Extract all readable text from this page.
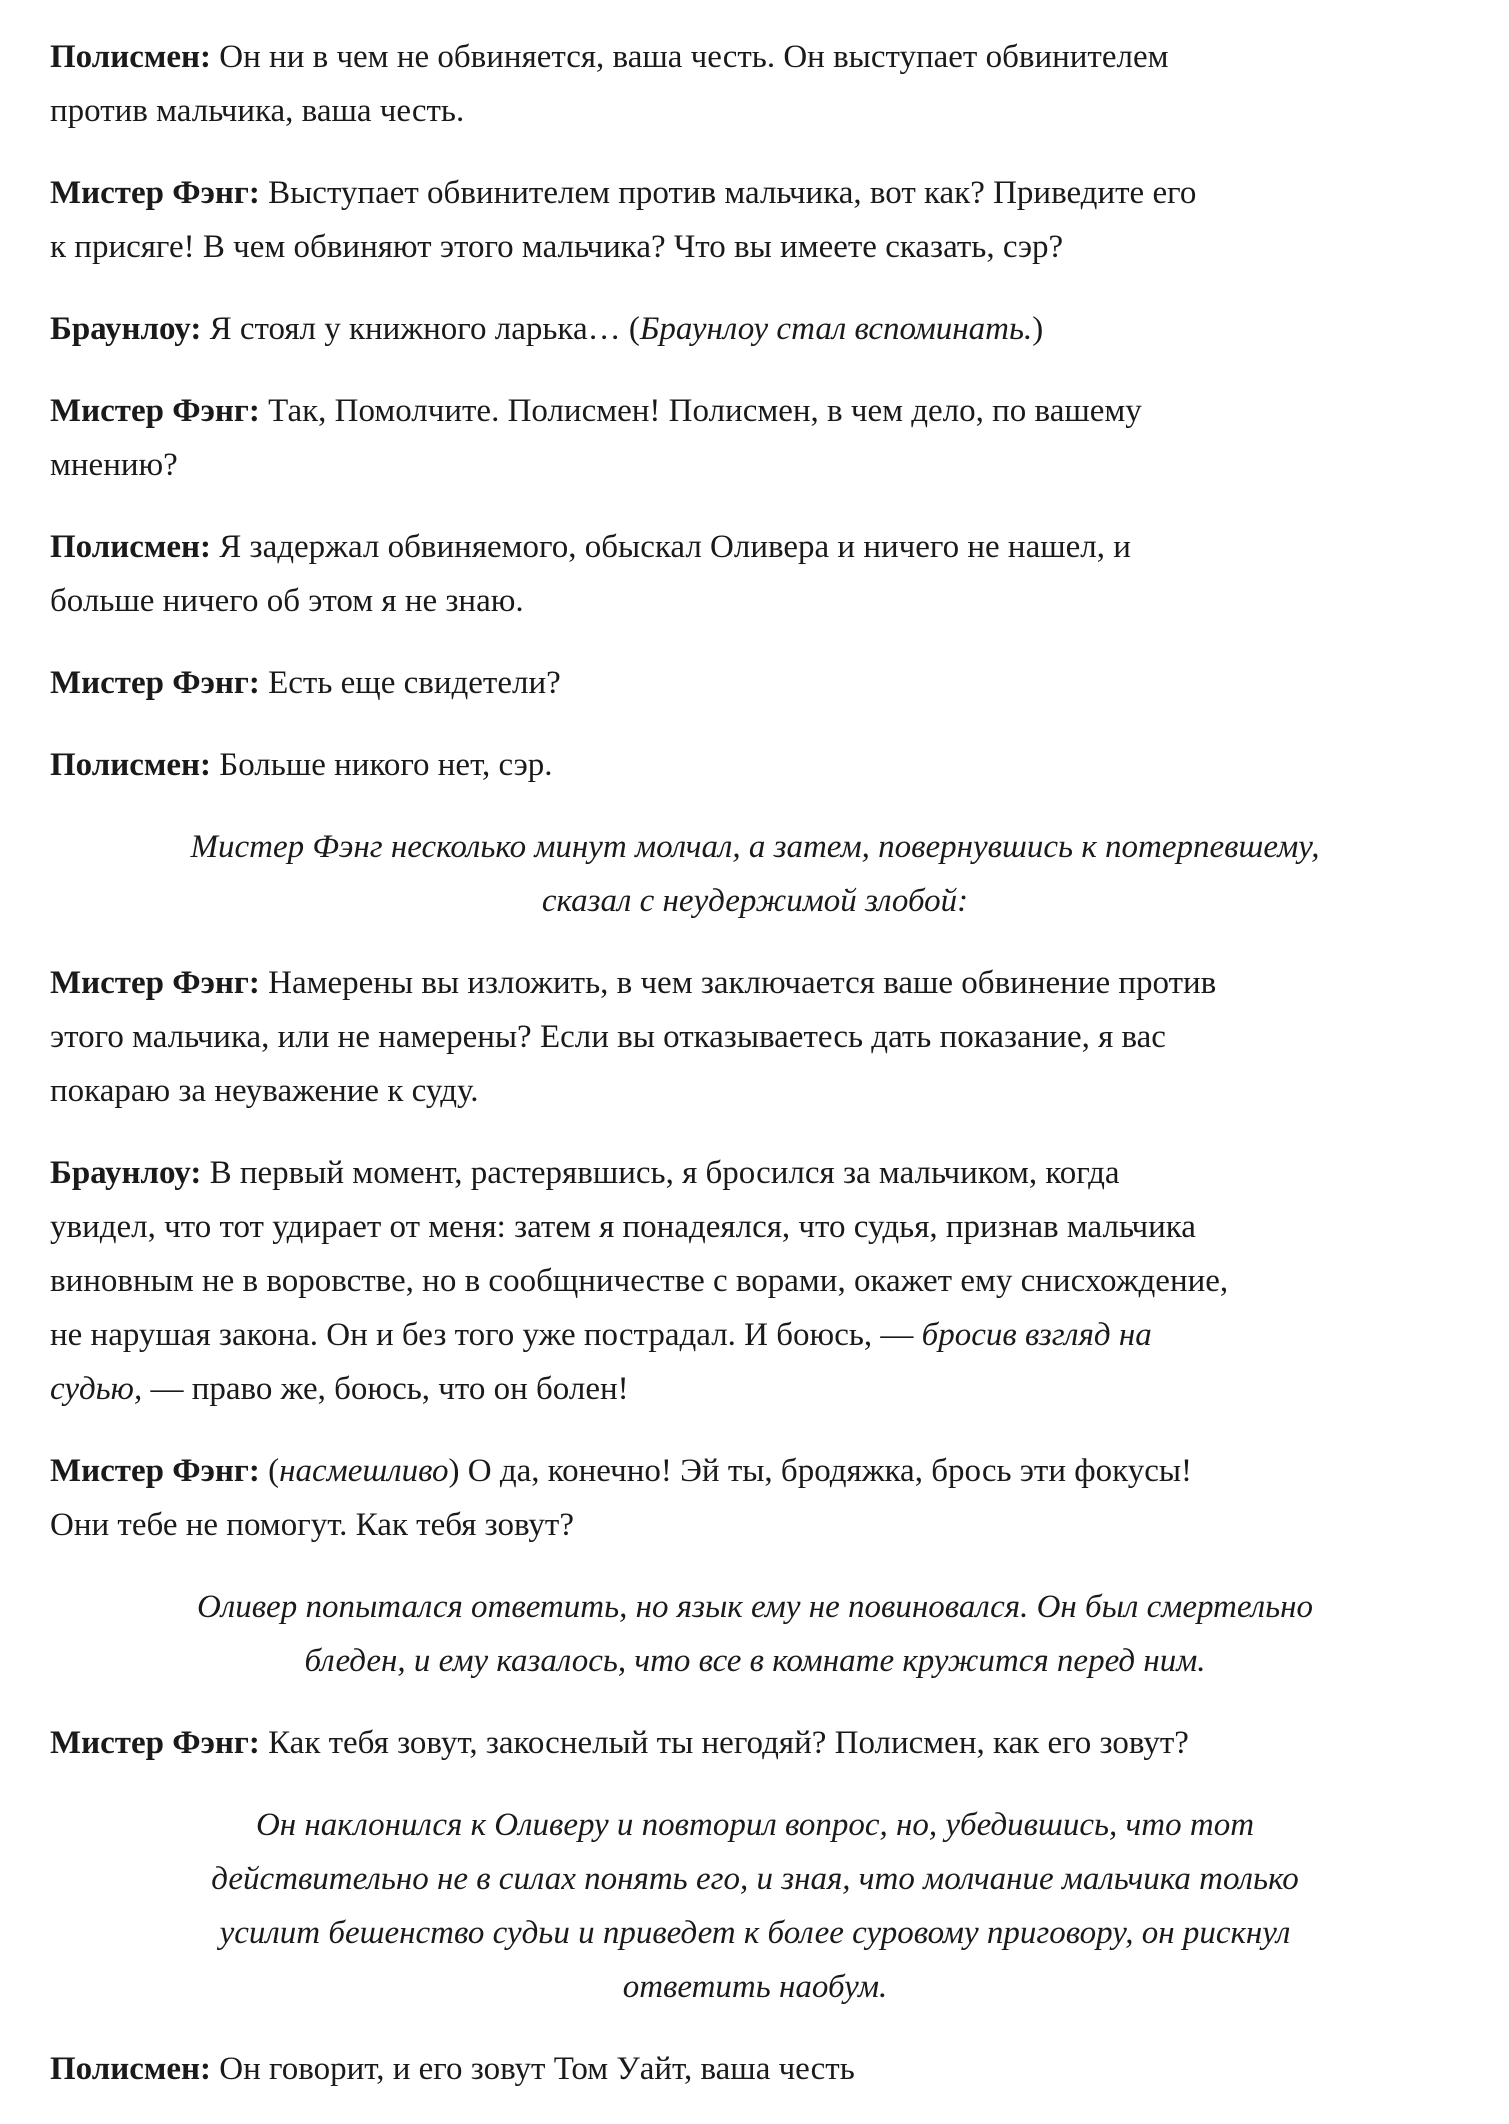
Полисмен: Он ни в чем не обвиняется, ваша честь. Он выступает обвинителем
против мальчика, ваша честь.
Мистер Фэнг: Выступает обвинителем против мальчика, вот как? Приведите его
к присяге! В чем обвиняют этого мальчика? Что вы имеете сказать, сэр?
Браунлоу: Я стоял у книжного ларька… (Браунлоу стал вспоминать.)
Мистер Фэнг: Так, Помолчите. Полисмен! Полисмен, в чем дело, по вашему
мнению?
Полисмен: Я задержал обвиняемого, обыскал Оливера и ничего не нашел, и
больше ничего об этом я не знаю.
Мистер Фэнг: Есть еще свидетели?
Полисмен: Больше никого нет, сэр.
Мистер Фэнг несколько минут молчал, а затем, повернувшись к потерпевшему,
сказал с неудержимой злобой:
Мистер Фэнг: Намерены вы изложить, в чем заключается ваше обвинение против
этого мальчика, или не намерены? Если вы отказываетесь дать показание, я вас
покараю за неуважение к суду.
Браунлоу: В первый момент, растерявшись, я бросился за мальчиком, когда
увидел, что тот удирает от меня: затем я понадеялся, что судья, признав мальчика
виновным не в воровстве, но в сообщничестве с ворами, окажет ему снисхождение,
не нарушая закона. Он и без того уже пострадал. И боюсь, — бросив взгляд на
судью, — право же, боюсь, что он болен!
Мистер Фэнг: (насмешливо) О да, конечно! Эй ты, бродяжка, брось эти фокусы!
Они тебе не помогут. Как тебя зовут?
Оливер попытался ответить, но язык ему не повиновался. Он был смертельно
бледен, и ему казалось, что все в комнате кружится перед ним.
Мистер Фэнг: Как тебя зовут, закоснелый ты негодяй? Полисмен, как его зовут?
Он наклонился к Оливеру и повторил вопрос, но, убедившись, что тот
действительно не в силах понять его, и зная, что молчание мальчика только
усилит бешенство судьи и приведет к более суровому приговору, он рискнул
ответить наобум.
Полисмен: Он говорит, и его зовут Том Уайт, ваша честь
